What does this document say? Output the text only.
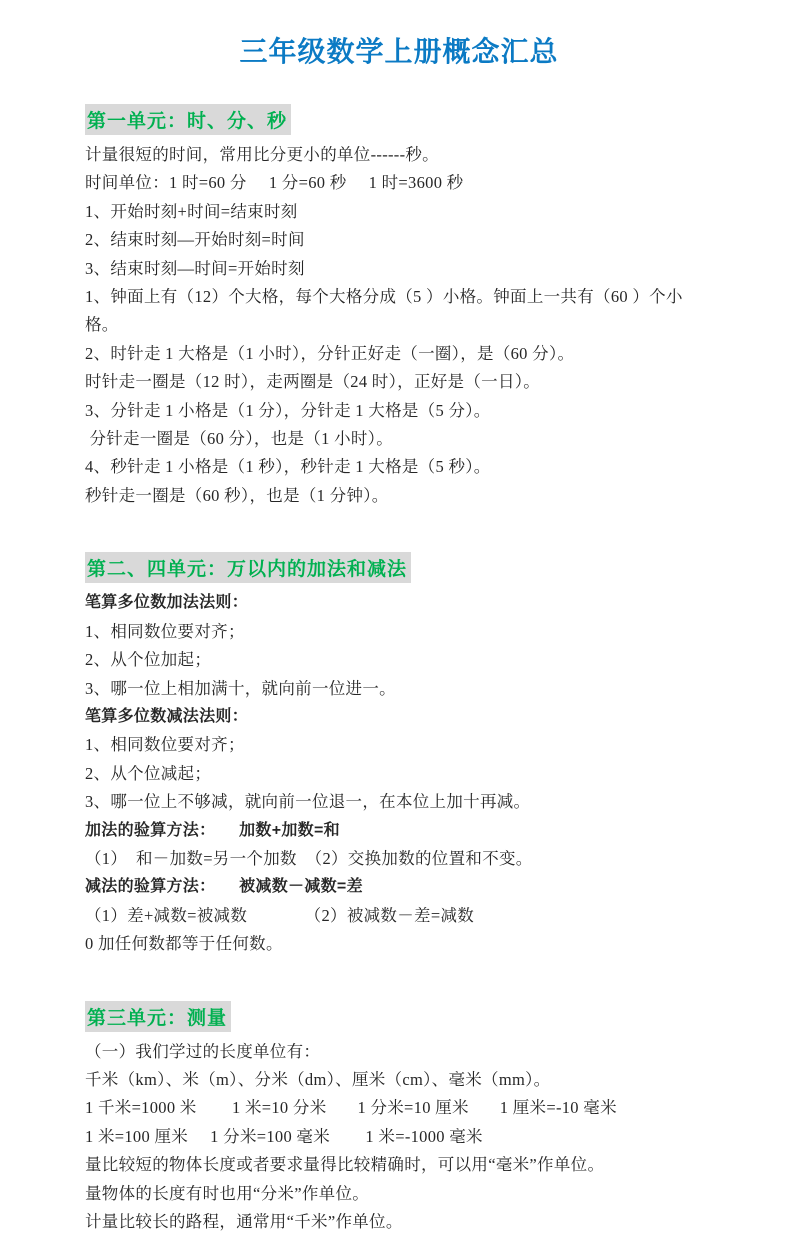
三年级数学上册概念汇总
第一单元：时、分、秒
计量很短的时间，常用比分更小的单位------秒。
时间单位：1 时=60 分     1 分=60 秒     1 时=3600 秒
1、开始时刻+时间=结束时刻
2、结束时刻—开始时刻=时间
3、结束时刻—时间=开始时刻
1、钟面上有（12）个大格，每个大格分成（5 ）小格。钟面上一共有（60 ）个小格。
2、时针走 1 大格是（1 小时），分针正好走（一圈），是（60 分）。
时针走一圈是（12 时），走两圈是（24 时），正好是（一日）。
3、分针走 1 小格是（1 分），分针走 1 大格是（5 分）。
分针走一圈是（60 分），也是（1 小时）。
4、秒针走 1 小格是（1 秒），秒针走 1 大格是（5 秒）。
秒针走一圈是（60 秒），也是（1 分钟）。
第二、四单元：万以内的加法和减法
笔算多位数加法法则：
1、相同数位要对齐；
2、从个位加起；
3、哪一位上相加满十，就向前一位进一。
笔算多位数减法法则：
1、相同数位要对齐；
2、从个位减起；
3、哪一位上不够减，就向前一位退一，在本位上加十再减。
加法的验算方法：     加数+加数=和
（1）  和－加数=另一个加数  （2）交换加数的位置和不变。
减法的验算方法：     被减数－减数=差
（1）差+减数=被减数             （2）被减数－差=减数
0 加任何数都等于任何数。
第三单元：测量
（一）我们学过的长度单位有：
千米（km）、米（m）、分米（dm）、厘米（cm）、毫米（mm）。
1 千米=1000 米        1 米=10 分米       1 分米=10 厘米       1 厘米=-10 毫米
1 米=100 厘米     1 分米=100 毫米        1 米=-1000 毫米
量比较短的物体长度或者要求量得比较精确时，可以用“毫米”作单位。
量物体的长度有时也用“分米”作单位。
计量比较长的路程，通常用“千米”作单位。
